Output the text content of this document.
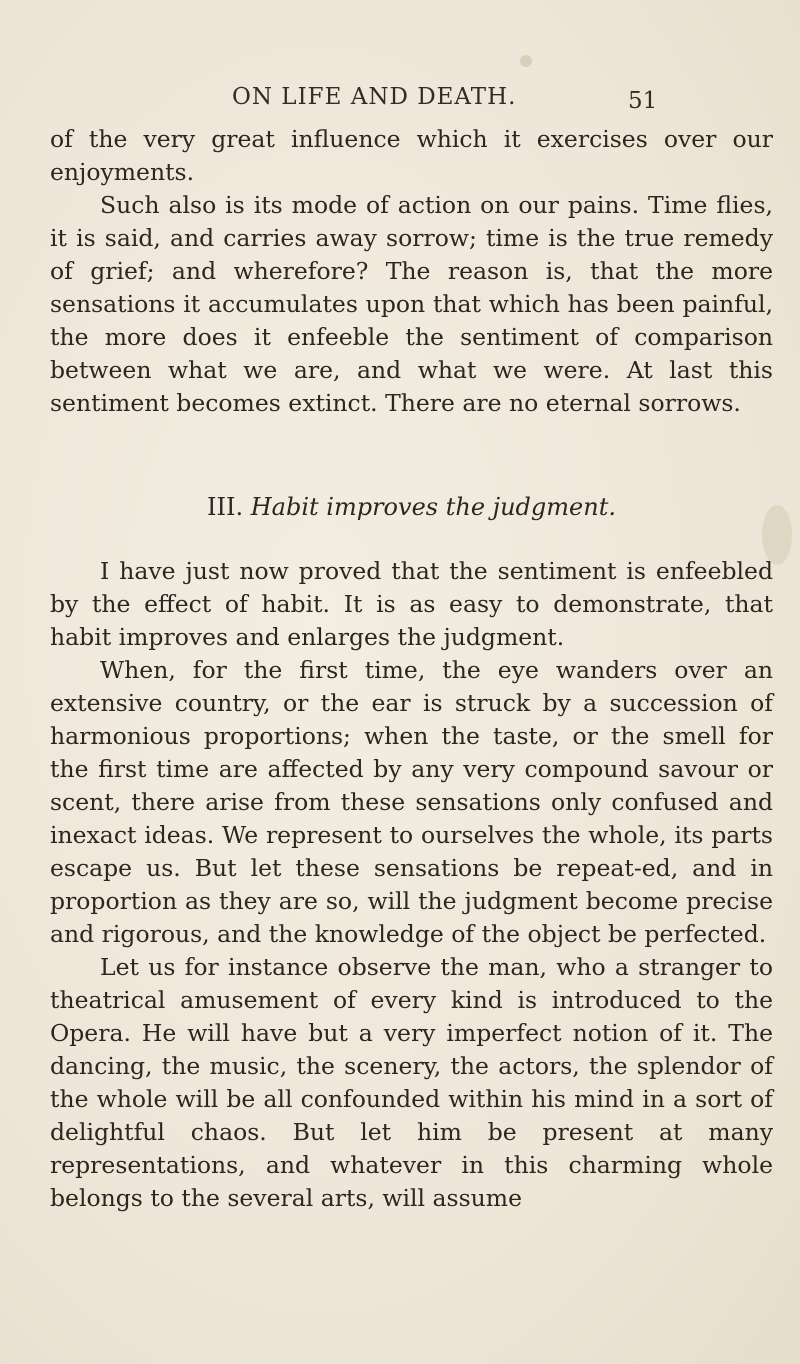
ON LIFE AND DEATH.	51

of the very great influence which it exercises over our enjoyments.

Such also is its mode of action on our pains. Time flies, it is said, and carries away sorrow; time is the true remedy of grief; and wherefore? The reason is, that the more sensations it accumulates upon that which has been painful, the more does it enfeeble the sentiment of comparison between what we are, and what we were. At last this sentiment becomes extinct. There are no eternal sorrows.

III. Habit improves the judgment.

I have just now proved that the sentiment is enfeebled by the effect of habit. It is as easy to demonstrate, that habit improves and enlarges the judgment.

When, for the first time, the eye wanders over an extensive country, or the ear is struck by a succession of harmonious proportions; when the taste, or the smell for the first time are affected by any very compound savour or scent, there arise from these sensations only confused and inexact ideas. We represent to ourselves the whole, its parts escape us. But let these sensations be repeat-ed, and in proportion as they are so, will the judgment become precise and rigorous, and the knowledge of the object be perfected.

Let us for instance observe the man, who a stranger to theatrical amusement of every kind is introduced to the Opera. He will have but a very imperfect notion of it. The dancing, the music, the scenery, the actors, the splendor of the whole will be all confounded within his mind in a sort of delightful chaos. But let him be present at many representations, and whatever in this charming whole belongs to the several arts, will assume
